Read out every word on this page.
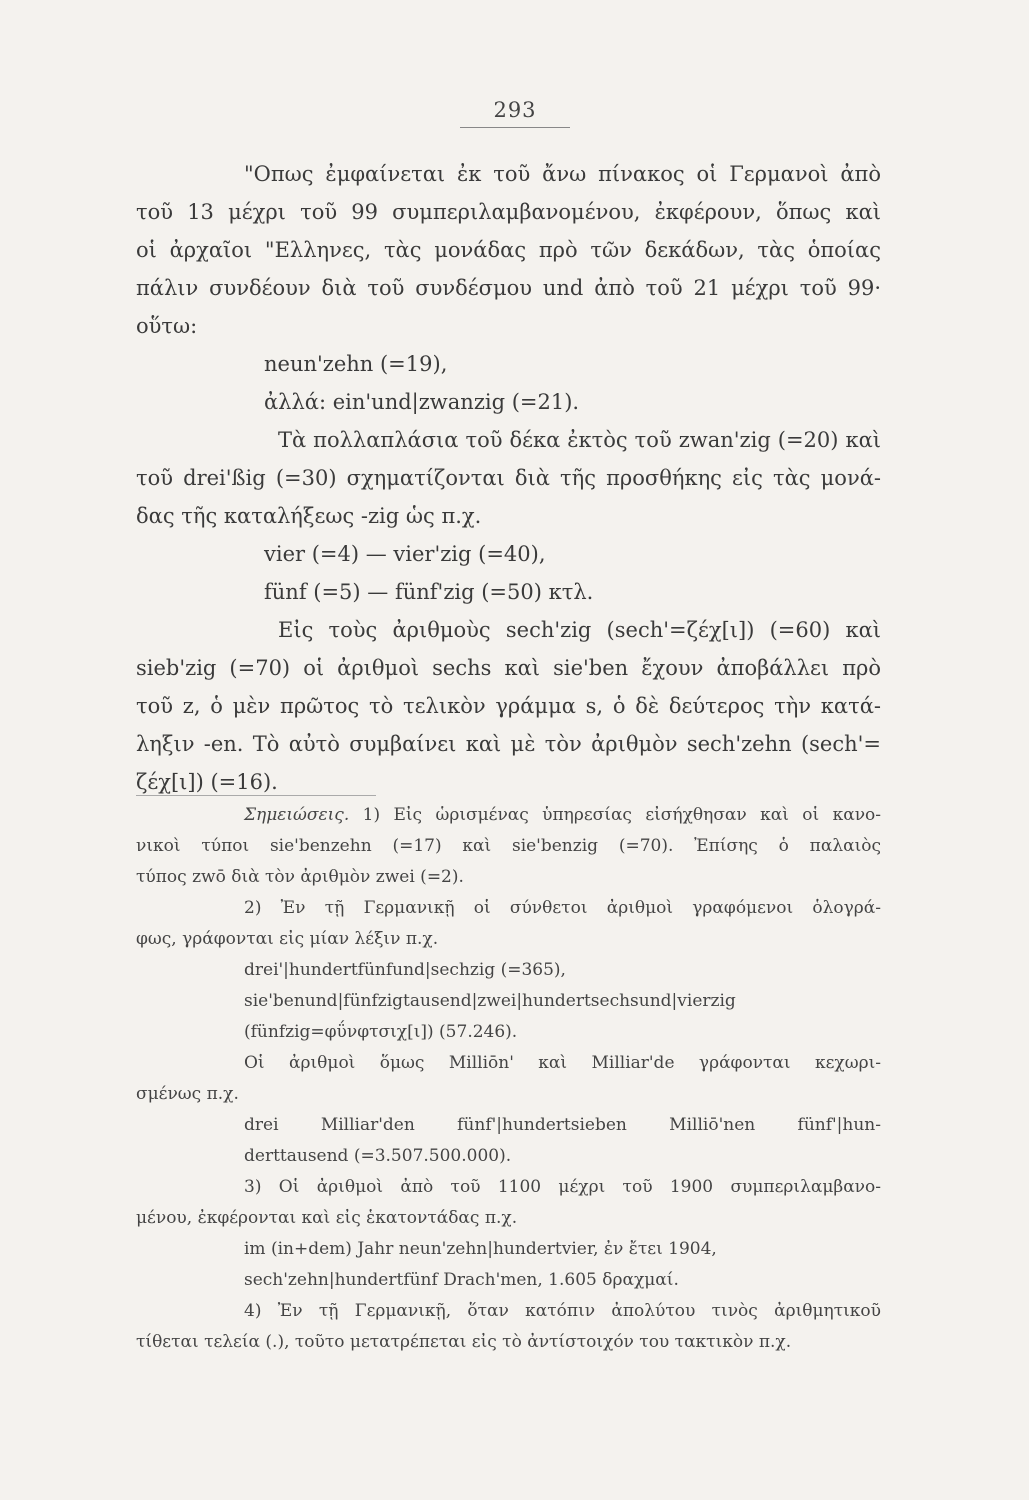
293
"Οπως ἐμφαίνεται ἐκ τοῦ ἄνω πίνακος οἱ Γερμανοὶ ἀπὸ
τοῦ 13 μέχρι τοῦ 99 συμπεριλαμβανομένου, ἐκφέρουν, ὅπως καὶ
οἱ ἀρχαῖοι "Ελληνες, τὰς μονάδας πρὸ τῶν δεκάδων, τὰς ὁποίας
πάλιν συνδέουν διὰ τοῦ συνδέσμου und ἀπὸ τοῦ 21 μέχρι τοῦ 99·
οὕτω:
neun'zehn (=19),
ἀλλά: ein'und|zwanzig (=21).
Τὰ πολλαπλάσια τοῦ δέκα ἐκτὸς τοῦ zwan'zig (=20) καὶ
τοῦ drei'ßig (=30) σχηματίζονται διὰ τῆς προσθήκης εἰς τὰς μονά-
δας τῆς καταλήξεως -zig ὡς π.χ.
vier (=4) — vier'zig (=40),
fünf (=5) — fünf'zig (=50) κτλ.
Εἰς τοὺς ἀριθμοὺς sech'zig (sech'=ζέχ[ι]) (=60) καὶ
sieb'zig (=70) οἱ ἀριθμοὶ sechs καὶ sie'ben ἔχουν ἀποβάλλει πρὸ
τοῦ z, ὁ μὲν πρῶτος τὸ τελικὸν γράμμα s, ὁ δὲ δεύτερος τὴν κατά-
ληξιν -en. Τὸ αὐτὸ συμβαίνει καὶ μὲ τὸν ἀριθμὸν sech'zehn (sech'=
ζέχ[ι]) (=16).
Σημειώσεις. 1) Εἰς ὡρισμένας ὑπηρεσίας εἰσήχθησαν καὶ οἱ κανο-
νικοὶ τύποι sie'benzehn (=17) καὶ sie'benzig (=70). Ἐπίσης ὁ παλαιὸς
τύπος zwō διὰ τὸν ἀριθμὸν zwei (=2).
2) Ἐν τῇ Γερμανικῇ οἱ σύνθετοι ἀριθμοὶ γραφόμενοι ὁλογρά-
φως, γράφονται εἰς μίαν λέξιν π.χ.
drei'|hundertfünfund|sechzig (=365),
sie'benund|fünfzigtausend|zwei|hundertsechsund|vierzig
(fünfzig=φΰνφτσιχ[ι]) (57.246).
Οἱ ἀριθμοὶ ὅμως Milliōn' καὶ Milliar'de γράφονται κεχωρι-
σμένως π.χ.
drei Milliar'den fünf'|hundertsieben Milliō'nen fünf'|hun-
derttausend (=3.507.500.000).
3) Οἱ ἀριθμοὶ ἀπὸ τοῦ 1100 μέχρι τοῦ 1900 συμπεριλαμβανο-
μένου, ἐκφέρονται καὶ εἰς ἑκατοντάδας π.χ.
im (in+dem) Jahr neun'zehn|hundertvier, ἐν ἔτει 1904,
sech'zehn|hundertfünf Drach'men, 1.605 δραχμαί.
4) Ἐν τῇ Γερμανικῇ, ὅταν κατόπιν ἀπολύτου τινὸς ἀριθμητικοῦ
τίθεται τελεία (.), τοῦτο μετατρέπεται εἰς τὸ ἀντίστοιχόν του τακτικὸν π.χ.
